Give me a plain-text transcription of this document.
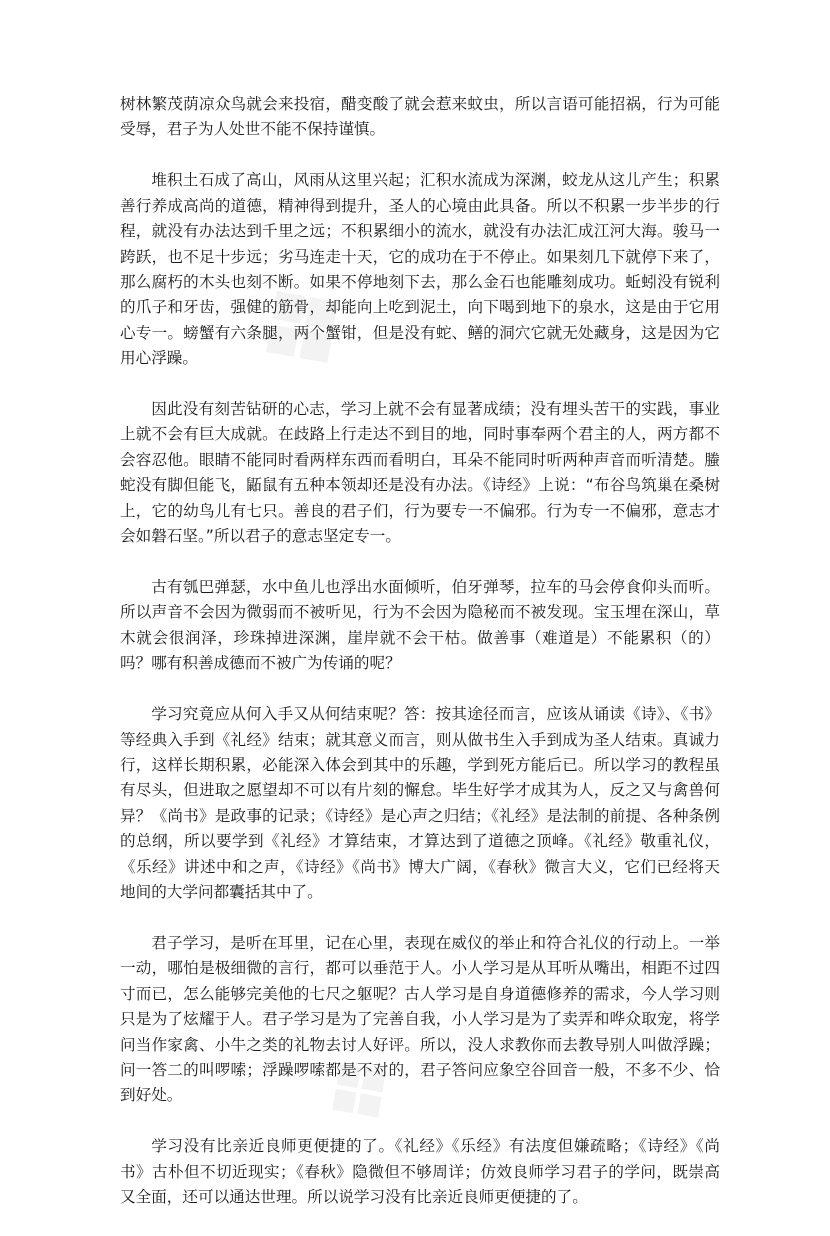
树林繁茂荫凉众鸟就会来投宿，醋变酸了就会惹来蚊虫，所以言语可能招祸，行为可能受辱，君子为人处世不能不保持谨慎。

堆积土石成了高山，风雨从这里兴起；汇积水流成为深渊，蛟龙从这儿产生；积累善行养成高尚的道德，精神得到提升，圣人的心境由此具备。所以不积累一步半步的行程，就没有办法达到千里之远；不积累细小的流水，就没有办法汇成江河大海。骏马一跨跃，也不足十步远；劣马连走十天，它的成功在于不停止。如果刻几下就停下来了，那么腐朽的木头也刻不断。如果不停地刻下去，那么金石也能雕刻成功。蚯蚓没有锐利的爪子和牙齿，强健的筋骨，却能向上吃到泥土，向下喝到地下的泉水，这是由于它用心专一。螃蟹有六条腿，两个蟹钳，但是没有蛇、鳝的洞穴它就无处藏身，这是因为它用心浮躁。

因此没有刻苦钻研的心志，学习上就不会有显著成绩；没有埋头苦干的实践，事业上就不会有巨大成就。在歧路上行走达不到目的地，同时事奉两个君主的人，两方都不会容忍他。眼睛不能同时看两样东西而看明白，耳朵不能同时听两种声音而听清楚。螣蛇没有脚但能飞，鼫鼠有五种本领却还是没有办法。《诗经》上说：“布谷鸟筑巢在桑树上，它的幼鸟儿有七只。善良的君子们，行为要专一不偏邪。行为专一不偏邪，意志才会如磐石坚。”所以君子的意志坚定专一。

古有瓠巴弹瑟，水中鱼儿也浮出水面倾听，伯牙弹琴，拉车的马会停食仰头而听。所以声音不会因为微弱而不被听见，行为不会因为隐秘而不被发现。宝玉埋在深山，草木就会很润泽，珍珠掉进深渊，崖岸就不会干枯。做善事（难道是）不能累积（的）吗？哪有积善成德而不被广为传诵的呢？

学习究竟应从何入手又从何结束呢？答：按其途径而言，应该从诵读《诗》、《书》等经典入手到《礼经》结束；就其意义而言，则从做书生入手到成为圣人结束。真诚力行，这样长期积累，必能深入体会到其中的乐趣，学到死方能后已。所以学习的教程虽有尽头，但进取之愿望却不可以有片刻的懈怠。毕生好学才成其为人，反之又与禽兽何异？《尚书》是政事的记录；《诗经》是心声之归结；《礼经》是法制的前提、各种条例的总纲，所以要学到《礼经》才算结束，才算达到了道德之顶峰。《礼经》敬重礼仪，《乐经》讲述中和之声，《诗经》《尚书》博大广阔，《春秋》微言大义，它们已经将天地间的大学问都囊括其中了。

君子学习，是听在耳里，记在心里，表现在威仪的举止和符合礼仪的行动上。一举一动，哪怕是极细微的言行，都可以垂范于人。小人学习是从耳听从嘴出，相距不过四寸而已，怎么能够完美他的七尺之躯呢？古人学习是自身道德修养的需求，今人学习则只是为了炫耀于人。君子学习是为了完善自我，小人学习是为了卖弄和哗众取宠，将学问当作家禽、小牛之类的礼物去讨人好评。所以，没人求教你而去教导别人叫做浮躁；问一答二的叫啰嗦；浮躁啰嗦都是不对的，君子答问应象空谷回音一般，不多不少、恰到好处。

学习没有比亲近良师更便捷的了。《礼经》《乐经》有法度但嫌疏略；《诗经》《尚书》古朴但不切近现实；《春秋》隐微但不够周详；仿效良师学习君子的学问，既崇高又全面，还可以通达世理。所以说学习没有比亲近良师更便捷的了。
